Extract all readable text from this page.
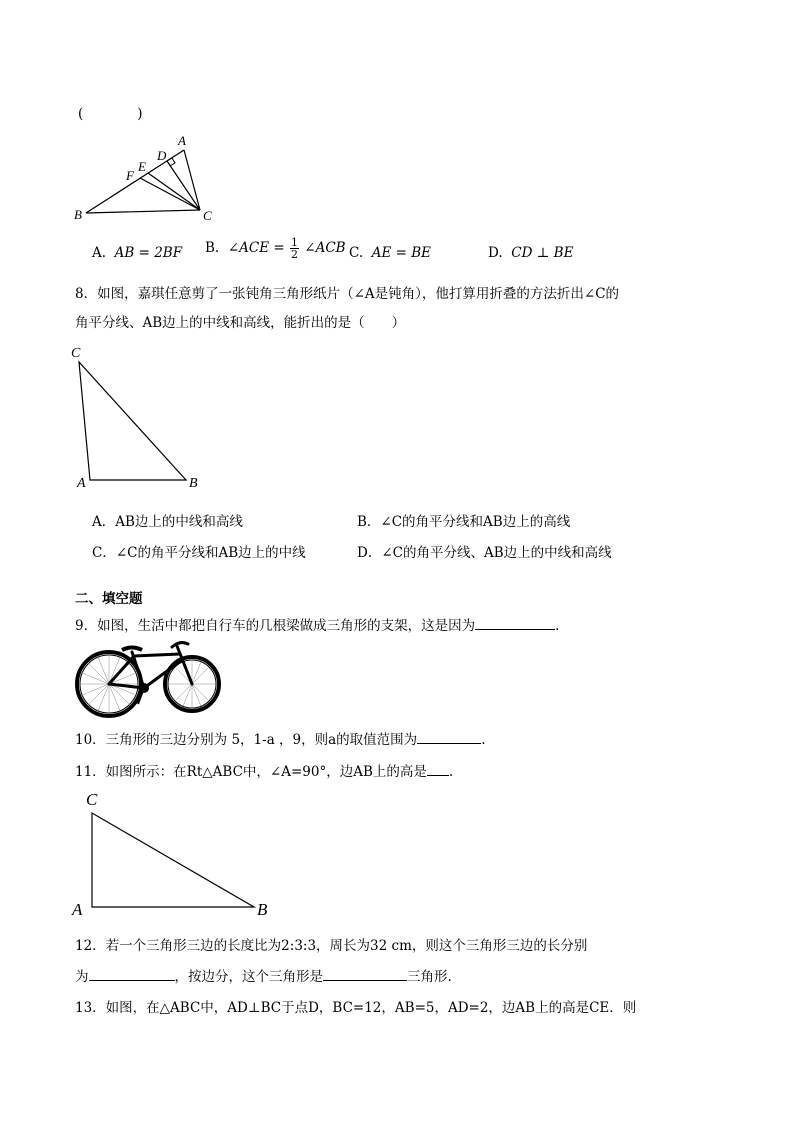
(　　　　)
A
B	C
D
E
F
A. AB = 2BF B. ∠ACE = $\frac{1}{2}$ ∠ACB C. AE = BE	D. CD ⊥ BE
8．如图，嘉琪任意剪了一张钝角三角形纸片（∠A是钝角），他打算用折叠的方法折出∠C的
角平分线、AB边上的中线和高线，能折出的是（　　）
C
A	B
A．AB边上的中线和高线	B．∠C的角平分线和AB边上的高线
C．∠C的角平分线和AB边上的中线	D．∠C的角平分线、AB边上的中线和高线
二、填空题
9．如图，生活中都把自行车的几根梁做成三角形的支架，这是因为	.
10．三角形的三边分别为 5，1-a ，9，则a的取值范围为	.
11．如图所示：在Rt△ABC中，∠A=90°，边AB上的高是 .
C
A	B
12．若一个三角形三边的长度比为2:3:3，周长为32 cm，则这个三角形三边的长分别
为	，按边分，这个三角形是	三角形.
13．如图，在△ABC中，AD⊥BC于点D，BC=12，AB=5，AD=2，边AB上的高是CE．则
